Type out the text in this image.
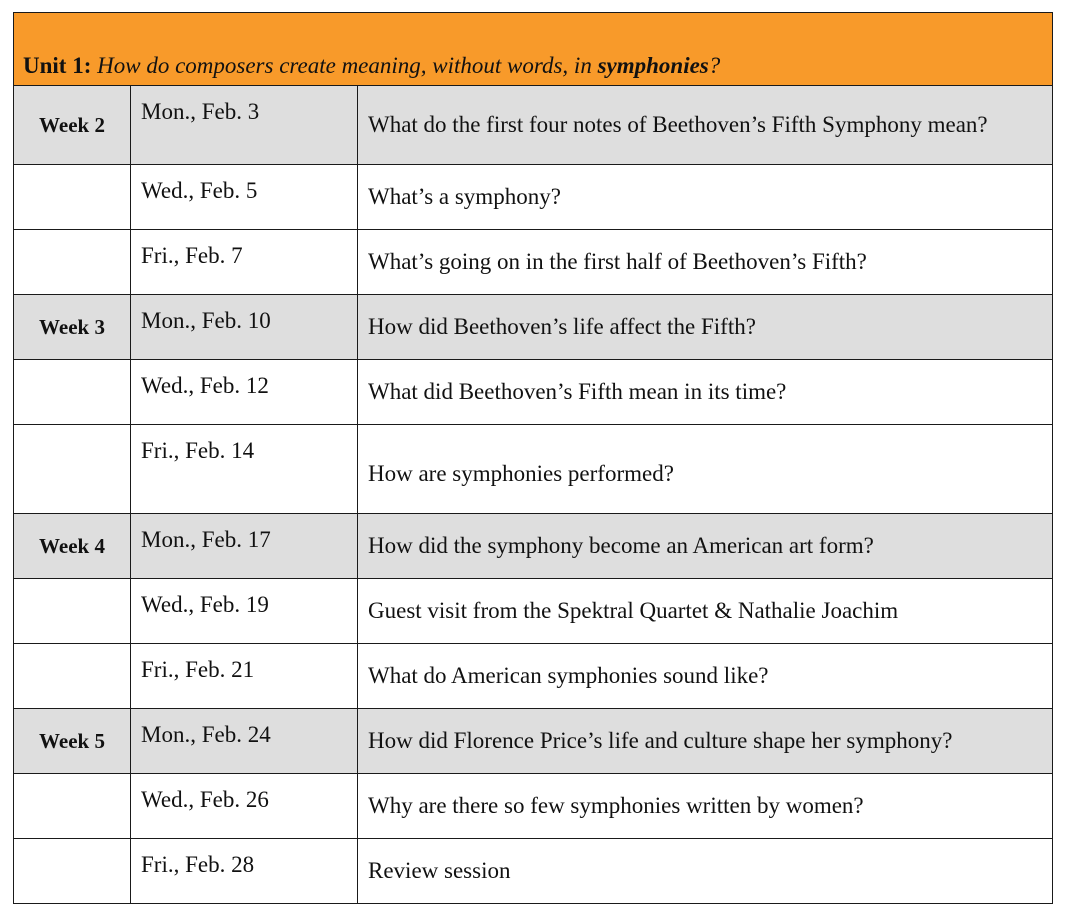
Unit 1: How do composers create meaning, without words, in symphonies?		
Week 2	Mon., Feb. 3	What do the first four notes of Beethoven’s Fifth Symphony mean?
	Wed., Feb. 5	What’s a symphony?
	Fri., Feb. 7	What’s going on in the first half of Beethoven’s Fifth?
Week 3	Mon., Feb. 10	How did Beethoven’s life affect the Fifth?
	Wed., Feb. 12	What did Beethoven’s Fifth mean in its time?
	Fri., Feb. 14	How are symphonies performed?
Week 4	Mon., Feb. 17	How did the symphony become an American art form?
	Wed., Feb. 19	Guest visit from the Spektral Quartet & Nathalie Joachim
	Fri., Feb. 21	What do American symphonies sound like?
Week 5	Mon., Feb. 24	How did Florence Price’s life and culture shape her symphony?
	Wed., Feb. 26	Why are there so few symphonies written by women?
	Fri., Feb. 28	Review session
